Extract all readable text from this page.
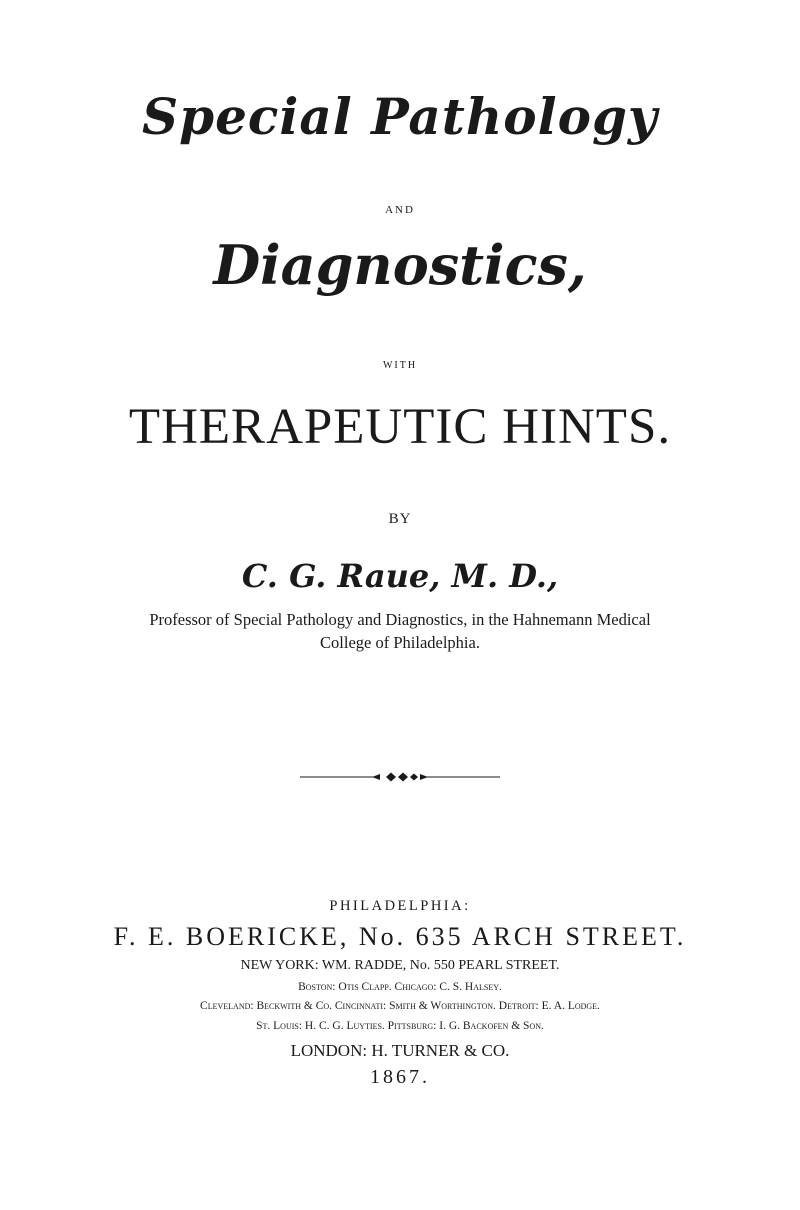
Special Pathology
AND
Diagnostics,
WITH
THERAPEUTIC HINTS.
BY
C. G. Raue, M. D.,
Professor of Special Pathology and Diagnostics, in the Hahnemann Medical
College of Philadelphia.
PHILADELPHIA:
F. E. BOERICKE, No. 635 ARCH STREET.
NEW YORK: WM. RADDE, No. 550 PEARL STREET.
Boston: Otis Clapp. Chicago: C. S. Halsey.
Cleveland: Beckwith & Co. Cincinnati: Smith & Worthington. Detroit: E. A. Lodge.
St. Louis: H. C. G. Luyties. Pittsburg: I. G. Backofen & Son.
LONDON: H. TURNER & CO.
1867.
